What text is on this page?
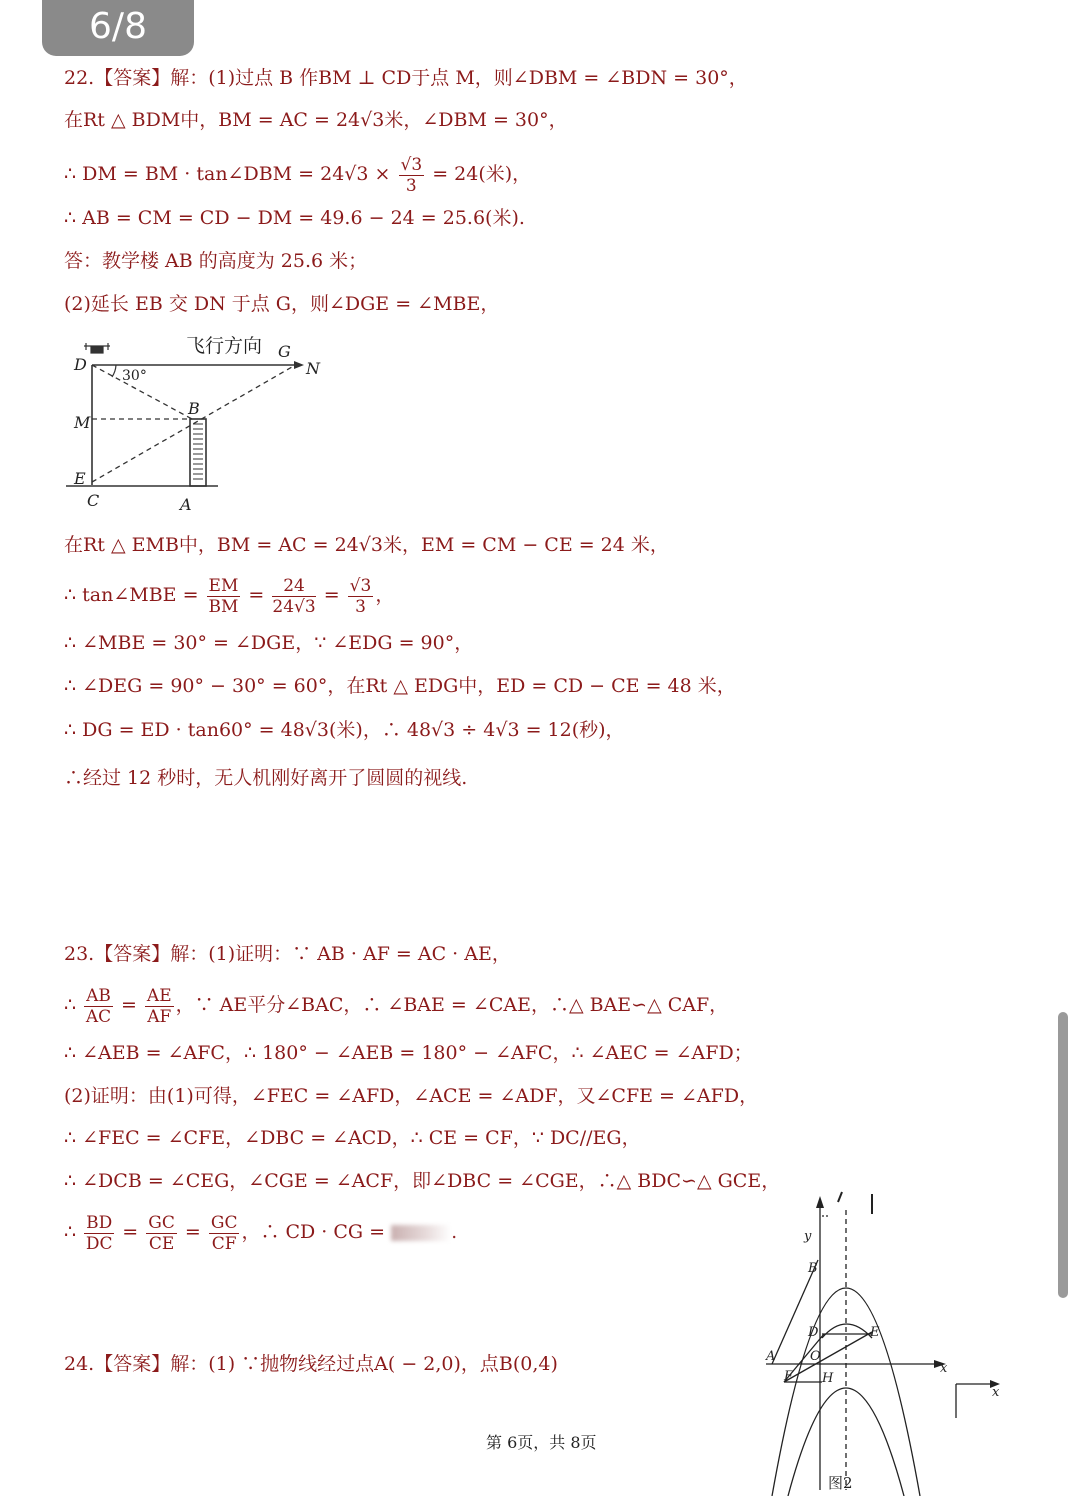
6/8
22.【答案】解：(1)过点 B 作BM ⊥ CD于点 M，则∠DBM = ∠BDN = 30°，
在Rt △ BDM中，BM = AC = 24√3米，∠DBM = 30°，
∴ DM = BM · tan∠DBM = $24√3 \times \frac{√3}{3} = 24$(米)，
∴ AB = CM = CD − DM = 49.6 − 24 = 25.6(米).
答：教学楼 AB 的高度为 25.6 米；
(2)延长 EB 交 DN 于点 G，则∠DGE = ∠MBE，
D
飞行方向 G
N
30°
M
B
E
C	A
在Rt △ EMB中，BM = AC = 24√3米，EM = CM − CE = 24 米，
∴ tan∠MBE = $\frac{EM}{BM} = \frac{24}{24√3} = \frac{√3}{3}$ ，
∴ ∠MBE = 30° = ∠DGE，∵ ∠EDG = 90°，
∴ ∠DEG = 90° − 30° = 60°，在Rt △ EDG中，ED = CD − CE = 48 米，
∴ DG = ED · tan60° = 48√3(米)，∴ 48√3 ÷ 4√3 = 12(秒)，
∴经过 12 秒时，无人机刚好离开了圆圆的视线.
23.【答案】解：(1)证明：∵ AB · AF = AC · AE，
∴ $\frac{AB}{AC} = \frac{AE}{AF}$ ，∵ AE平分∠BAC，∴ ∠BAE = ∠CAE，∴△ BAE∽△ CAF，
∴ ∠AEB = ∠AFC，∴ 180° − ∠AEB = 180° − ∠AFC，∴ ∠AEC = ∠AFD；
(2)证明：由(1)可得，∠FEC = ∠AFD，∠ACE = ∠ADF，又∠CFE = ∠AFD，
∴ ∠FEC = ∠CFE，∠DBC = ∠ACD，∴ CE = CF，∵ DC//EG，
∴ ∠DCB = ∠CEG，∠CGE = ∠ACF，即∠DBC = ∠CGE，∴△ BDC∽△ GCE，
∴ $\frac{BD}{DC} = \frac{GC}{CE} = \frac{GC}{CF}$ ，∴ CD · CG =	.
24.【答案】解：(1) ∵抛物线经过点A( − 2,0)，点B(0,4)
y
B
D	E
A	O
x
F H
x
图2
第 6页，共 8页
